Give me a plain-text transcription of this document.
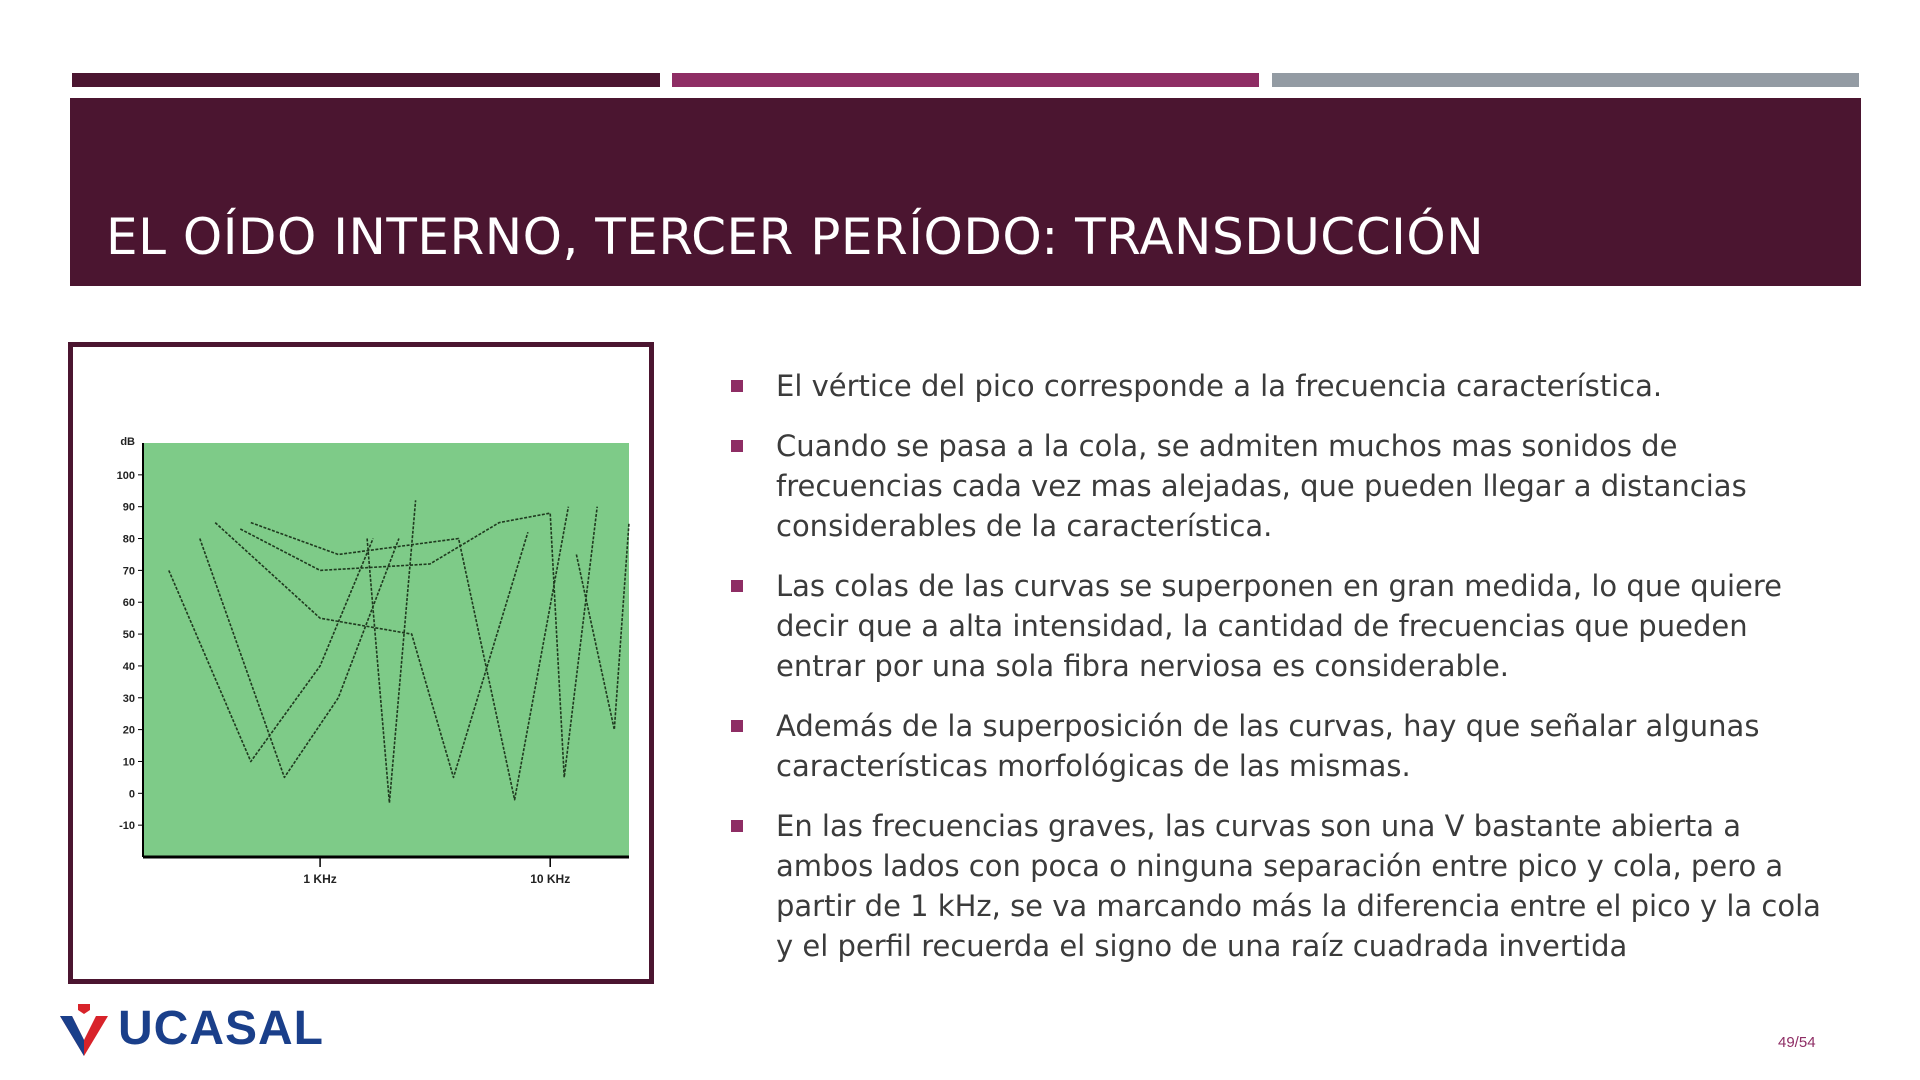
EL OÍDO INTERNO, TERCER PERÍODO: TRANSDUCCIÓN
dB
100
90
80
70
60
50
40
30
20
10
0
-10
1 KHz	10 KHz
El vértice del pico corresponde a la frecuencia característica.
Cuando se pasa a la cola, se admiten muchos mas sonidos de frecuencias cada vez mas alejadas, que pueden llegar a distancias considerables de la característica.
Las colas de las curvas se superponen en gran medida, lo que quiere decir que a alta intensidad, la cantidad de frecuencias que pueden entrar por una sola fibra nerviosa es considerable.
Además de la superposición de las curvas, hay que señalar algunas características morfológicas de las mismas.
En las frecuencias graves, las curvas son una V bastante abierta a ambos lados con poca o ninguna separación entre pico y cola, pero a partir de 1 kHz, se va marcando más la diferencia entre el pico y la cola y el perfil recuerda el signo de una raíz cuadrada invertida
UCASAL	49/54
